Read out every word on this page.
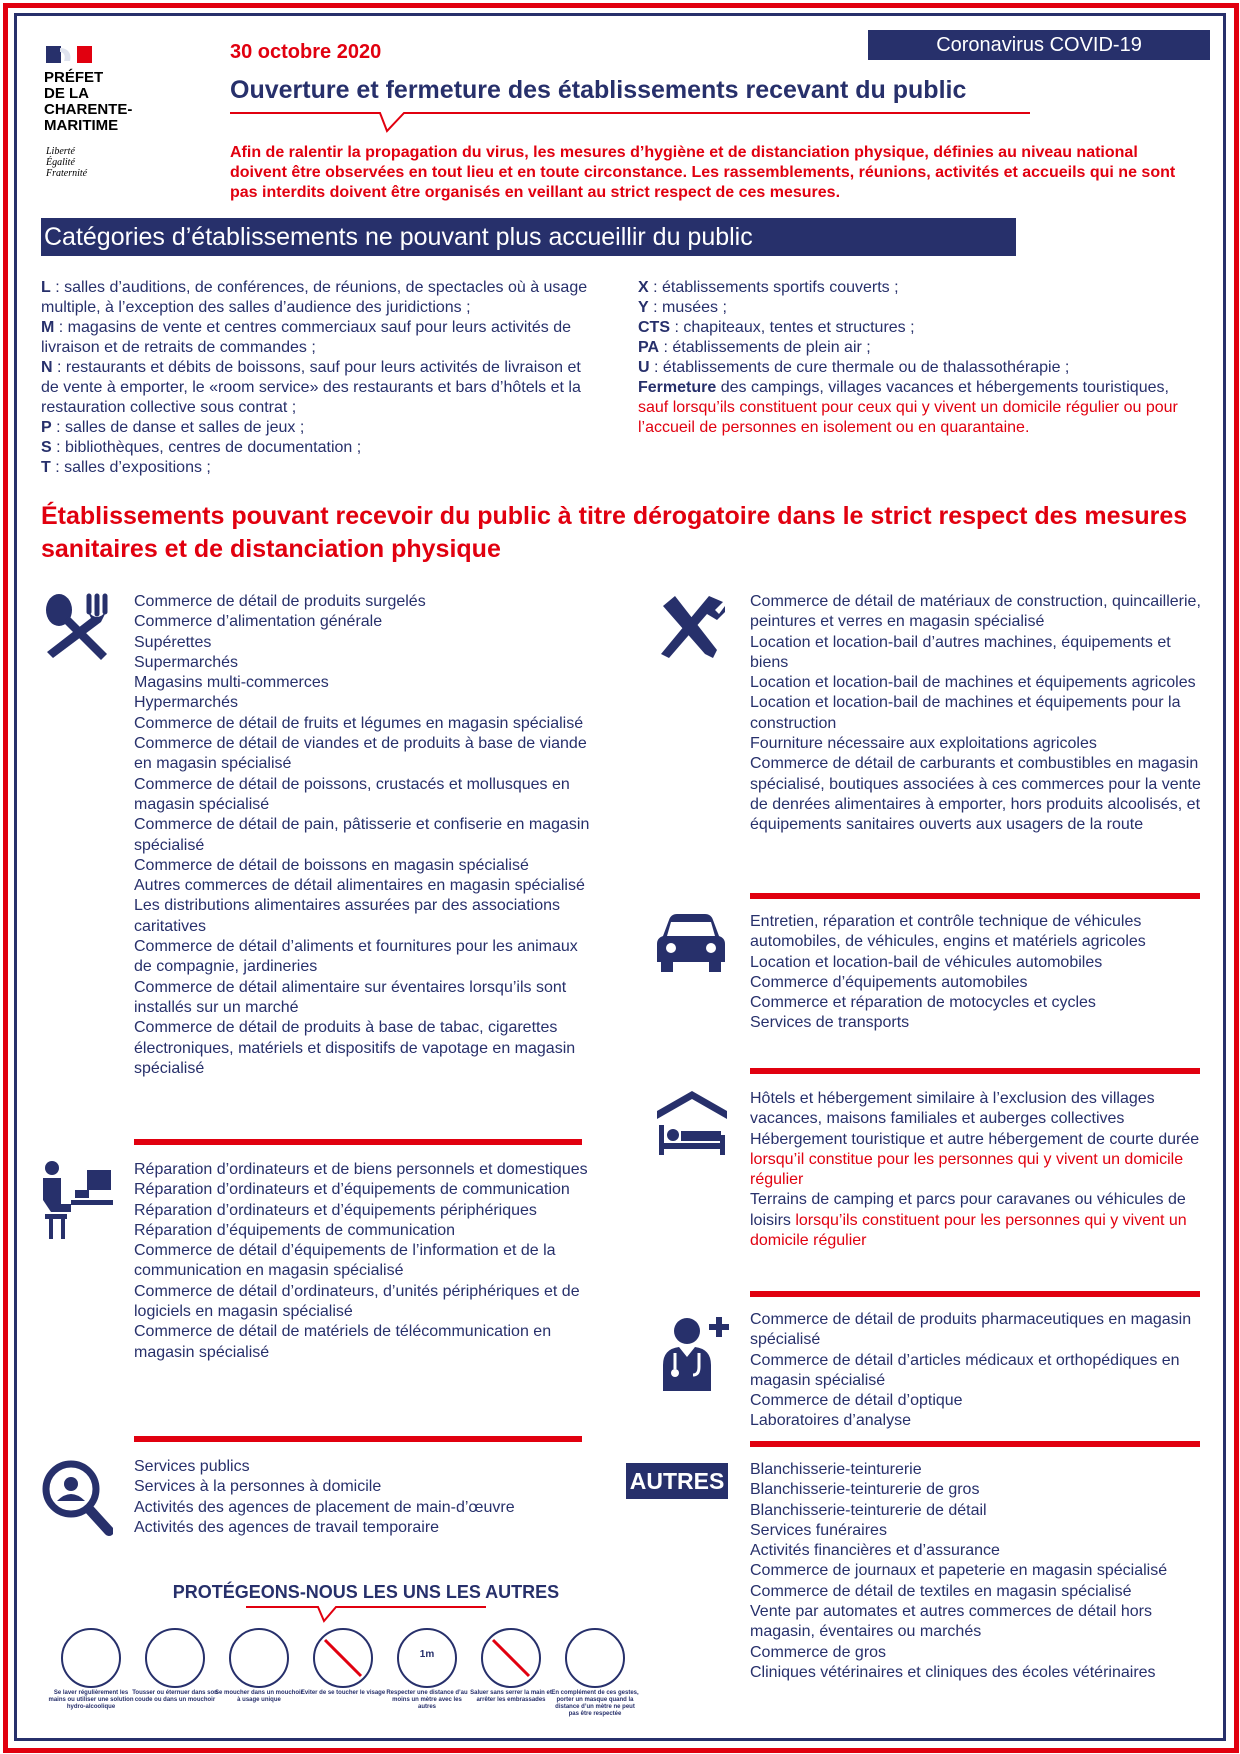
PRÉFET
DE LA
CHARENTE-
MARITIME
Liberté
Égalité
Fraternité
30 octobre 2020	Coronavirus COVID-19
Ouverture et fermeture des établissements recevant du public
Afin de ralentir la propagation du virus, les mesures d’hygiène et de distanciation physique, définies au niveau national doivent être observées en tout lieu et en toute circonstance. Les rassemblements, réunions, activités et accueils qui ne sont pas interdits doivent être organisés en veillant au strict respect de ces mesures.
Catégories d’établissements ne pouvant plus accueillir du public
L : salles d’auditions, de conférences, de réunions, de spectacles où à usage multiple, à l’exception des salles d’audience des juridictions ;
M : magasins de vente et centres commerciaux sauf pour leurs activités de livraison et de retraits de commandes ;
N : restaurants et débits de boissons, sauf pour leurs activités de livraison et de vente à emporter, le «room service» des restaurants et bars d’hôtels et la restauration collective sous contrat ;
P : salles de danse et salles de jeux ;
S : bibliothèques, centres de documentation ;
T : salles d’expositions ;
X : établissements sportifs couverts ;
Y : musées ;
CTS : chapiteaux, tentes et structures ;
PA : établissements de plein air ;
U : établissements de cure thermale ou de thalassothérapie ;
Fermeture des campings, villages vacances et hébergements touristiques, sauf lorsqu’ils constituent pour ceux qui y vivent un domicile régulier ou pour l’accueil de personnes en isolement ou en quarantaine.
Établissements pouvant recevoir du public à titre dérogatoire dans le strict respect des mesures sanitaires et de distanciation physique
Commerce de détail de produits surgelés
Commerce d’alimentation générale
Supérettes
Supermarchés
Magasins multi-commerces
Hypermarchés
Commerce de détail de fruits et légumes en magasin spécialisé
Commerce de détail de viandes et de produits à base de viande en magasin spécialisé
Commerce de détail de poissons, crustacés et mollusques en magasin spécialisé
Commerce de détail de pain, pâtisserie et confiserie en magasin spécialisé
Commerce de détail de boissons en magasin spécialisé
Autres commerces de détail alimentaires en magasin spécialisé
Les distributions alimentaires assurées par des associations caritatives
Commerce de détail d’aliments et fournitures pour les animaux de compagnie, jardineries
Commerce de détail alimentaire sur éventaires lorsqu’ils sont installés sur un marché
Commerce de détail de produits à base de tabac, cigarettes électroniques, matériels et dispositifs de vapotage en magasin spécialisé
Réparation d’ordinateurs et de biens personnels et domestiques
Réparation d’ordinateurs et d’équipements de communication
Réparation d’ordinateurs et d’équipements périphériques
Réparation d’équipements de communication
Commerce de détail d’équipements de l’information et de la communication en magasin spécialisé
Commerce de détail d’ordinateurs, d’unités périphériques et de logiciels en magasin spécialisé
Commerce de détail de matériels de télécommunication en magasin spécialisé
Services publics
Services à la personnes à domicile
Activités des agences de placement de main-d’œuvre
Activités des agences de travail temporaire
AUTRES
Commerce de détail de matériaux de construction, quincaillerie, peintures et verres en magasin spécialisé
Location et location-bail d’autres machines, équipements et biens
Location et location-bail de machines et équipements agricoles
Location et location-bail de machines et équipements pour la construction
Fourniture nécessaire aux exploitations agricoles
Commerce de détail de carburants et combustibles en magasin spécialisé, boutiques associées à ces commerces pour la vente de denrées alimentaires à emporter, hors produits alcoolisés, et équipements sanitaires ouverts aux usagers de la route
Entretien, réparation et contrôle technique de véhicules automobiles, de véhicules, engins et matériels agricoles
Location et location-bail de véhicules automobiles
Commerce d’équipements automobiles
Commerce et réparation de motocycles et cycles
Services de transports
Hôtels et hébergement similaire à l’exclusion des villages vacances, maisons familiales et auberges collectives
Hébergement touristique et autre hébergement de courte durée lorsqu’il constitue pour les personnes qui y vivent un domicile régulier
Terrains de camping et parcs pour caravanes ou véhicules de loisirs lorsqu’ils constituent pour les personnes qui y vivent un domicile régulier
Commerce de détail de produits pharmaceutiques en magasin spécialisé
Commerce de détail d’articles médicaux et orthopédiques en magasin spécialisé
Commerce de détail d’optique
Laboratoires d’analyse
Blanchisserie-teinturerie
Blanchisserie-teinturerie de gros
Blanchisserie-teinturerie de détail
Services funéraires
Activités financières et d’assurance
Commerce de journaux et papeterie en magasin spécialisé
Commerce de détail de textiles en magasin spécialisé
Vente par automates et autres commerces de détail hors magasin, éventaires ou marchés
Commerce de gros
Cliniques vétérinaires et cliniques des écoles vétérinaires
PROTÉGEONS-NOUS LES UNS LES AUTRES
Se laver régulièrement les mains ou utiliser une solution hydro-alcoolique
Tousser ou éternuer dans son coude ou dans un mouchoir
Se moucher dans un mouchoir à usage unique
Eviter de se toucher le visage
1m
Respecter une distance d’au moins un mètre avec les autres
Saluer sans serrer la main et arrêter les embrassades
En complément de ces gestes, porter un masque quand la distance d’un mètre ne peut pas être respectée
